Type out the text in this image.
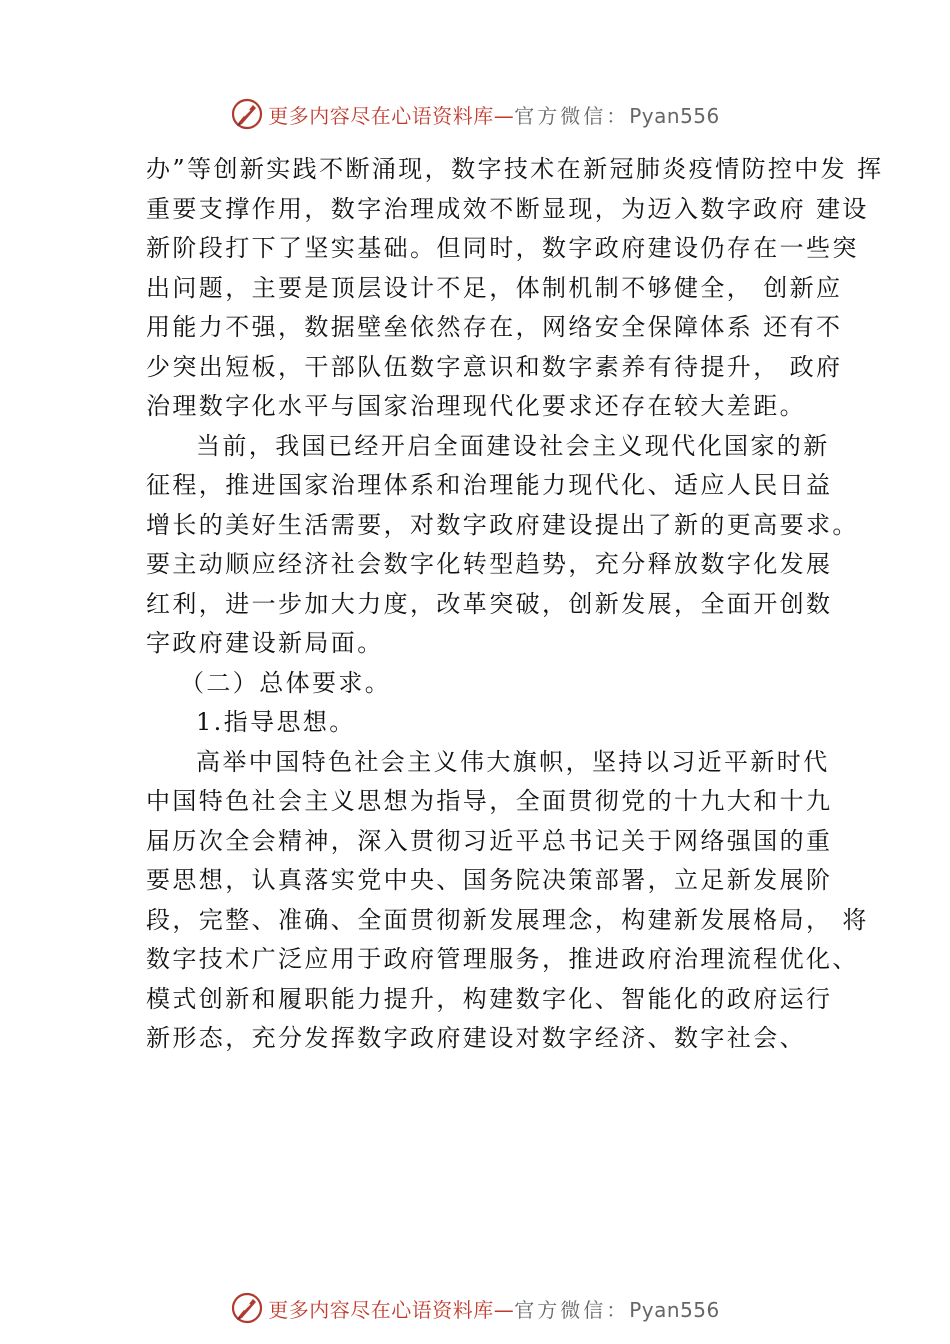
更多内容尽在心语资料库—官方微信：Pyan556
办”等创新实践不断涌现，数字技术在新冠肺炎疫情防控中发 挥
重要支撑作用，数字治理成效不断显现，为迈入数字政府 建设
新阶段打下了坚实基础。但同时，数字政府建设仍存在一些突
出问题，主要是顶层设计不足，体制机制不够健全， 创新应
用能力不强，数据壁垒依然存在，网络安全保障体系 还有不
少突出短板，干部队伍数字意识和数字素养有待提升， 政府
治理数字化水平与国家治理现代化要求还存在较大差距。
当前，我国已经开启全面建设社会主义现代化国家的新
征程，推进国家治理体系和治理能力现代化、适应人民日益
增长的美好生活需要，对数字政府建设提出了新的更高要求。
要主动顺应经济社会数字化转型趋势，充分释放数字化发展
红利，进一步加大力度，改革突破，创新发展，全面开创数
字政府建设新局面。
（二）总体要求。
1.指导思想。
高举中国特色社会主义伟大旗帜，坚持以习近平新时代
中国特色社会主义思想为指导，全面贯彻党的十九大和十九
届历次全会精神，深入贯彻习近平总书记关于网络强国的重
要思想，认真落实党中央、国务院决策部署，立足新发展阶
段，完整、准确、全面贯彻新发展理念，构建新发展格局， 将
数字技术广泛应用于政府管理服务，推进政府治理流程优化、
模式创新和履职能力提升，构建数字化、智能化的政府运行
新形态，充分发挥数字政府建设对数字经济、数字社会、
更多内容尽在心语资料库—官方微信：Pyan556
